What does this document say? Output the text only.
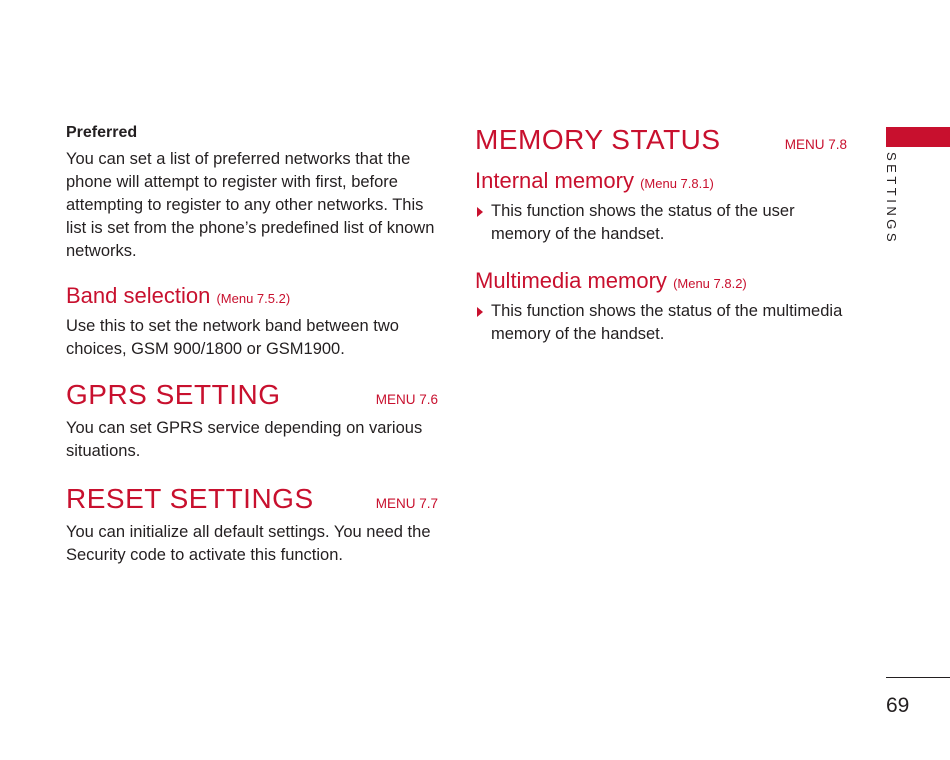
Preferred

You can set a list of preferred networks that the phone will attempt to register with first, before attempting to register to any other networks. This list is set from the phone’s predefined list of known networks.

Band selection (Menu 7.5.2)

Use this to set the network band between two choices, GSM 900/1800 or GSM1900.

GPRS SETTING	MENU 7.6

You can set GPRS service depending on various situations.

RESET SETTINGS	MENU 7.7

You can initialize all default settings. You need the Security code to activate this function.

MEMORY STATUS	MENU 7.8
Internal memory (Menu 7.8.1)

This function shows the status of the user memory of the handset.

Multimedia memory (Menu 7.8.2)

This function shows the status of the multimedia memory of the handset.

SETTINGS
69
